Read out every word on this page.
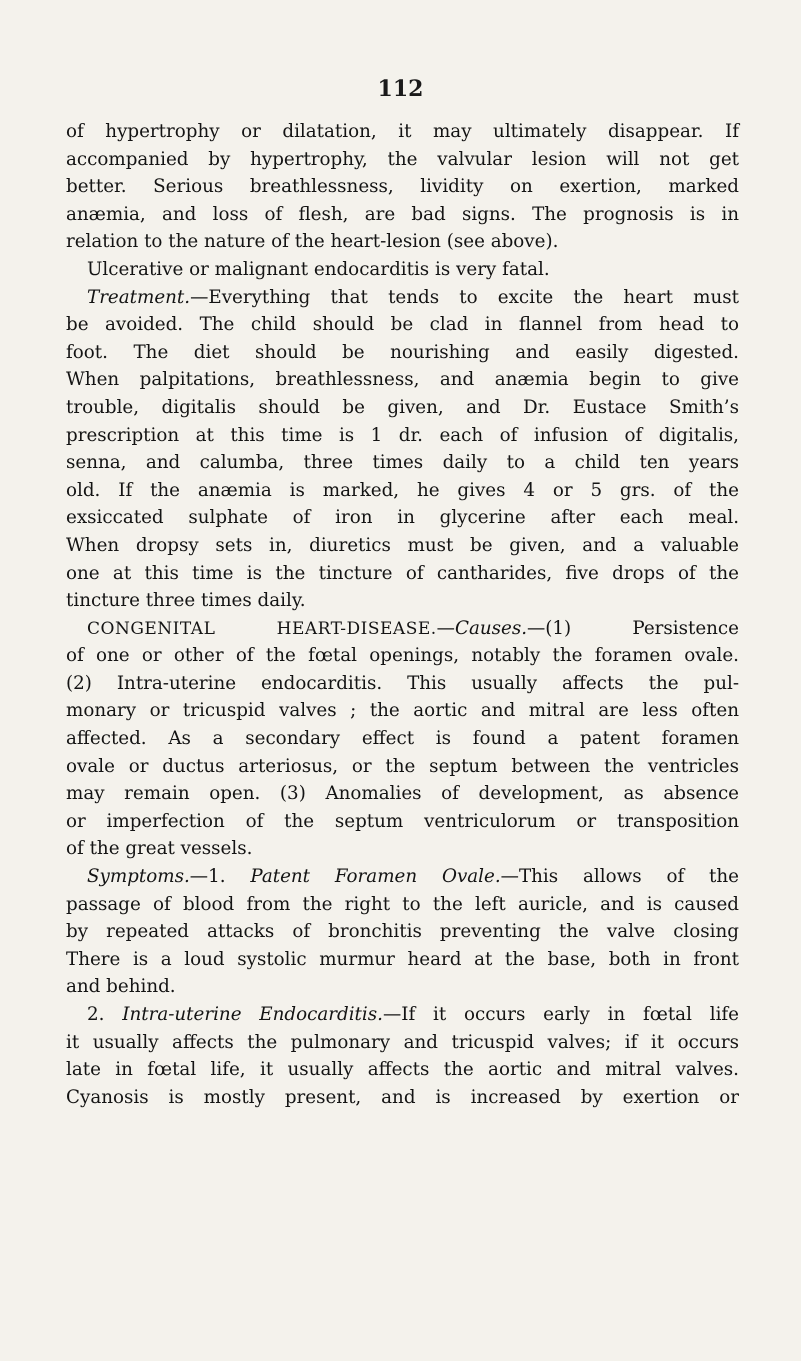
112
of hypertrophy or dilatation, it may ultimately disappear. If
accompanied by hypertrophy, the valvular lesion will not get
better. Serious breathlessness, lividity on exertion, marked
anæmia, and loss of flesh, are bad signs. The prognosis is in
relation to the nature of the heart-lesion (see above).
Ulcerative or malignant endocarditis is very fatal.
Treatment.—Everything that tends to excite the heart must
be avoided. The child should be clad in flannel from head to
foot. The diet should be nourishing and easily digested.
When palpitations, breathlessness, and anæmia begin to give
trouble, digitalis should be given, and Dr. Eustace Smith’s
prescription at this time is 1 dr. each of infusion of digitalis,
senna, and calumba, three times daily to a child ten years
old. If the anæmia is marked, he gives 4 or 5 grs. of the
exsiccated sulphate of iron in glycerine after each meal.
When dropsy sets in, diuretics must be given, and a valuable
one at this time is the tincture of cantharides, five drops of the
tincture three times daily.
CONGENITAL HEART-DISEASE.—Causes.—(1) Persistence
of one or other of the fœtal openings, notably the foramen ovale.
(2) Intra-uterine endocarditis. This usually affects the pul-
monary or tricuspid valves ; the aortic and mitral are less often
affected. As a secondary effect is found a patent foramen
ovale or ductus arteriosus, or the septum between the ventricles
may remain open. (3) Anomalies of development, as absence
or imperfection of the septum ventriculorum or transposition
of the great vessels.
Symptoms.—1. Patent Foramen Ovale.—This allows of the
passage of blood from the right to the left auricle, and is caused
by repeated attacks of bronchitis preventing the valve closing
There is a loud systolic murmur heard at the base, both in front
and behind.
2. Intra-uterine Endocarditis.—If it occurs early in fœtal life
it usually affects the pulmonary and tricuspid valves; if it occurs
late in fœtal life, it usually affects the aortic and mitral valves.
Cyanosis is mostly present, and is increased by exertion or
